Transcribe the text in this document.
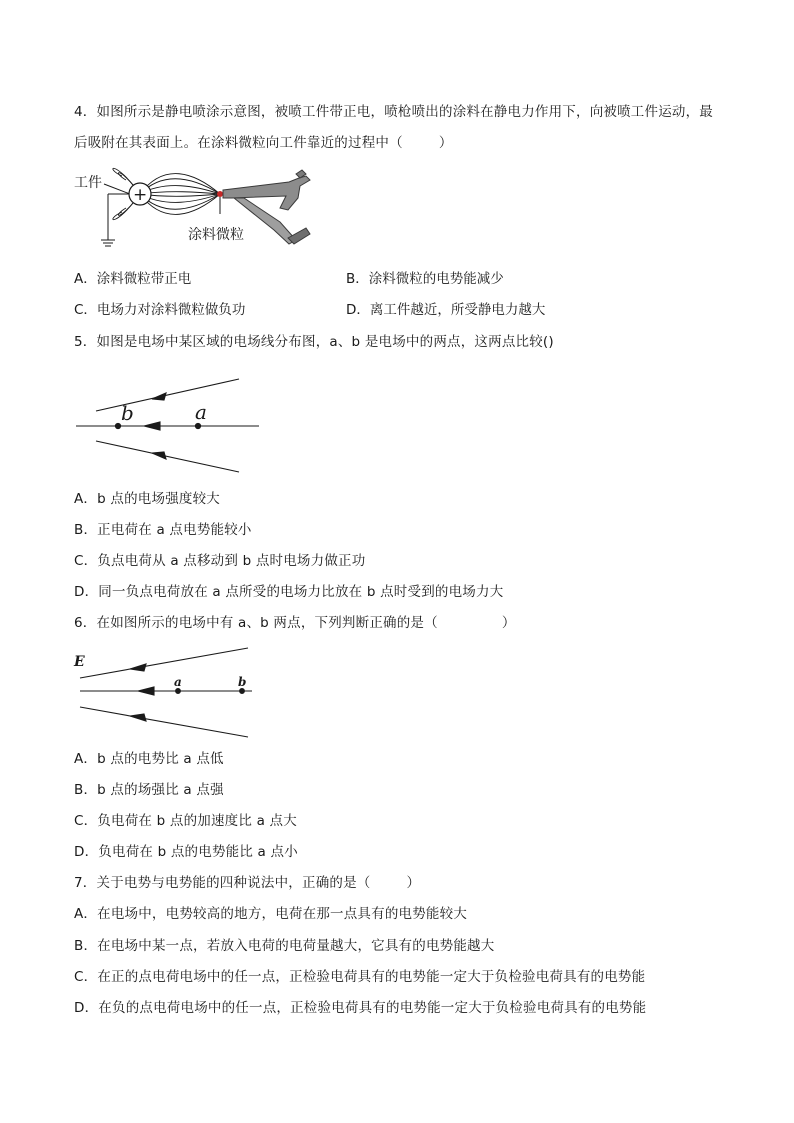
4．如图所示是静电喷涂示意图，被喷工件带正电，喷枪喷出的涂料在静电力作用下，向被喷工件运动，最
后吸附在其表面上。在涂料微粒向工件靠近的过程中（	）
工件
+
涂料微粒
A．涂料微粒带正电	B．涂料微粒的电势能减少
C．电场力对涂料微粒做负功	D．离工件越近，所受静电力越大
5．如图是电场中某区域的电场线分布图，a、b 是电场中的两点，这两点比较()
b	a
A．b 点的电场强度较大
B．正电荷在 a 点电势能较小
C．负点电荷从 a 点移动到 b 点时电场力做正功
D．同一负点电荷放在 a 点所受的电场力比放在 b 点时受到的电场力大
6．在如图所示的电场中有 a、b 两点，下列判断正确的是（	）
E
a	b
A．b 点的电势比 a 点低
B．b 点的场强比 a 点强
C．负电荷在 b 点的加速度比 a 点大
D．负电荷在 b 点的电势能比 a 点小
7．关于电势与电势能的四种说法中，正确的是（	）
A．在电场中，电势较高的地方，电荷在那一点具有的电势能较大
B．在电场中某一点，若放入电荷的电荷量越大，它具有的电势能越大
C．在正的点电荷电场中的任一点，正检验电荷具有的电势能一定大于负检验电荷具有的电势能
D．在负的点电荷电场中的任一点，正检验电荷具有的电势能一定大于负检验电荷具有的电势能
